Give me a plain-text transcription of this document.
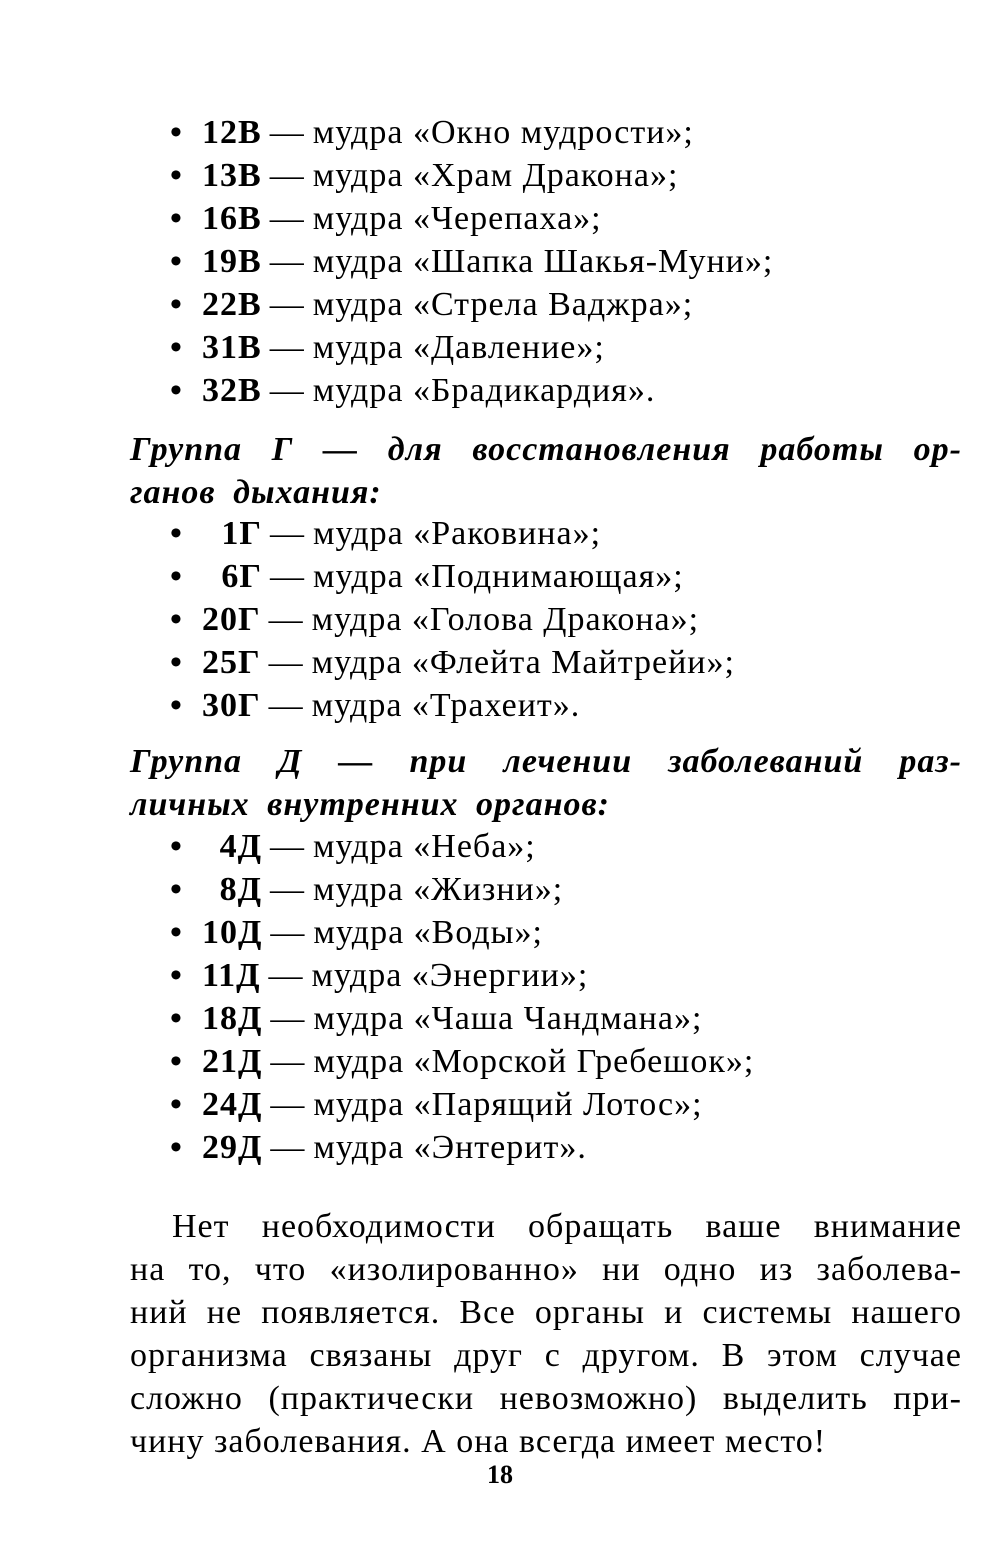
• 12В — мудра «Окно мудрости»;
• 13В — мудра «Храм Дракона»;
• 16В — мудра «Черепаха»;
• 19В — мудра «Шапка Шакья-Муни»;
• 22В — мудра «Стрела Ваджра»;
• 31В — мудра «Давление»;
• 32В — мудра «Брадикардия».
Группа Г — для восстановления работы ор-
ганов дыхания:
• 1Г — мудра «Раковина»;
• 6Г — мудра «Поднимающая»;
• 20Г — мудра «Голова Дракона»;
• 25Г — мудра «Флейта Майтрейи»;
• 30Г — мудра «Трахеит».
Группа Д — при лечении заболеваний раз-
личных внутренних органов:
• 4Д — мудра «Неба»;
• 8Д — мудра «Жизни»;
• 10Д — мудра «Воды»;
• 11Д — мудра «Энергии»;
• 18Д — мудра «Чаша Чандмана»;
• 21Д — мудра «Морской Гребешок»;
• 24Д — мудра «Парящий Лотос»;
• 29Д — мудра «Энтерит».
Нет необходимости обращать ваше внимание
на то, что «изолированно» ни одно из заболева-
ний не появляется. Все органы и системы нашего
организма связаны друг с другом. В этом случае
сложно (практически невозможно) выделить при-
чину заболевания. А она всегда имеет место!
18
